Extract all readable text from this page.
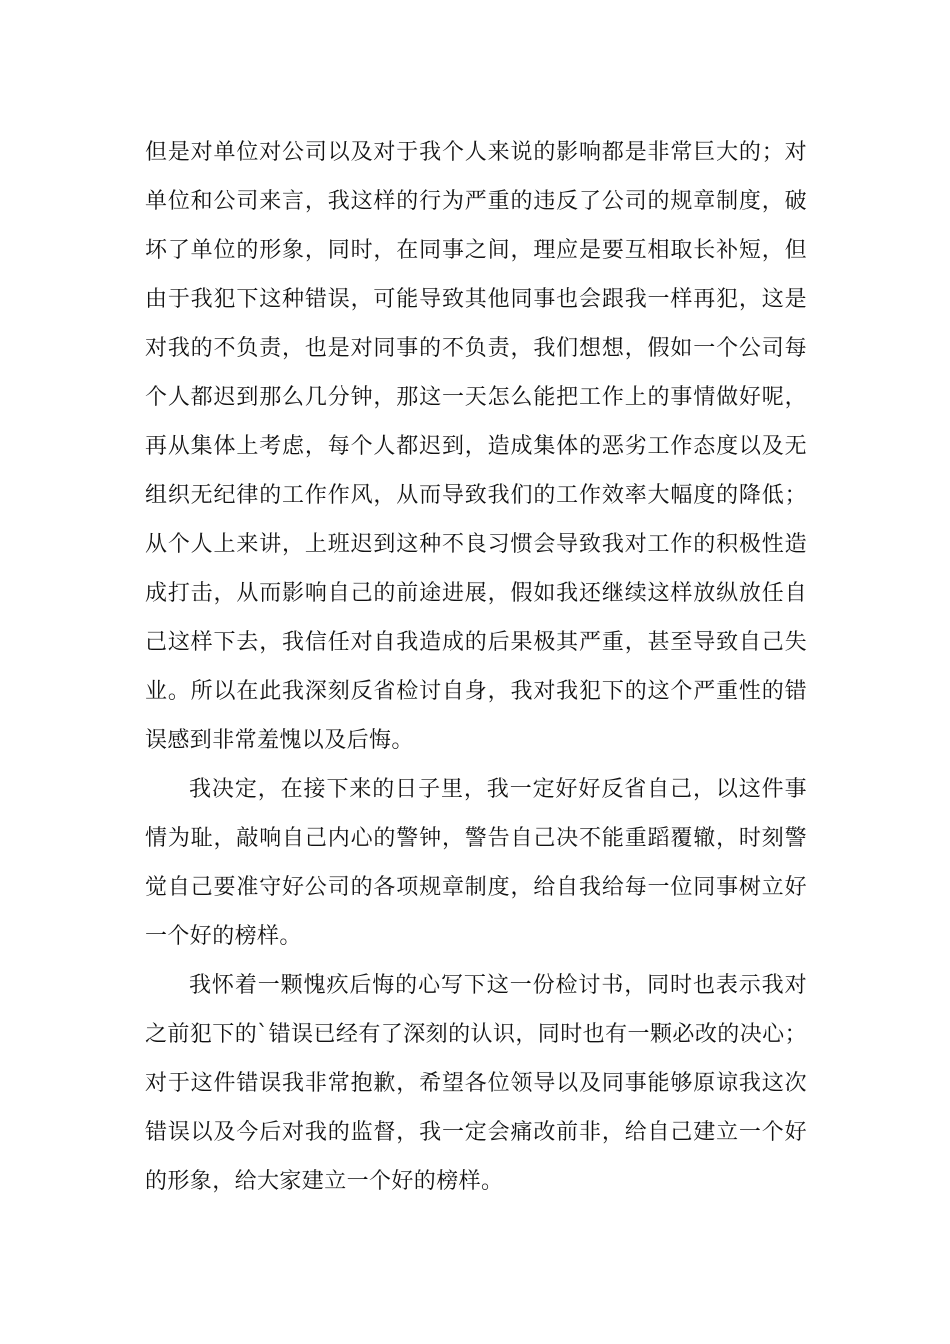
但是对单位对公司以及对于我个人来说的影响都是非常巨大的；对单位和公司来言，我这样的行为严重的违反了公司的规章制度，破坏了单位的形象，同时，在同事之间，理应是要互相取长补短，但由于我犯下这种错误，可能导致其他同事也会跟我一样再犯，这是对我的不负责，也是对同事的不负责，我们想想，假如一个公司每个人都迟到那么几分钟，那这一天怎么能把工作上的事情做好呢，再从集体上考虑，每个人都迟到，造成集体的恶劣工作态度以及无组织无纪律的工作作风，从而导致我们的工作效率大幅度的降低；从个人上来讲，上班迟到这种不良习惯会导致我对工作的积极性造成打击，从而影响自己的前途进展，假如我还继续这样放纵放任自己这样下去，我信任对自我造成的后果极其严重，甚至导致自己失业。所以在此我深刻反省检讨自身，我对我犯下的这个严重性的错误感到非常羞愧以及后悔。

我决定，在接下来的日子里，我一定好好反省自己，以这件事情为耻，敲响自己内心的警钟，警告自己决不能重蹈覆辙，时刻警觉自己要准守好公司的各项规章制度，给自我给每一位同事树立好一个好的榜样。

我怀着一颗愧疚后悔的心写下这一份检讨书，同时也表示我对之前犯下的`错误已经有了深刻的认识，同时也有一颗必改的决心；对于这件错误我非常抱歉，希望各位领导以及同事能够原谅我这次错误以及今后对我的监督，我一定会痛改前非，给自己建立一个好的形象，给大家建立一个好的榜样。
